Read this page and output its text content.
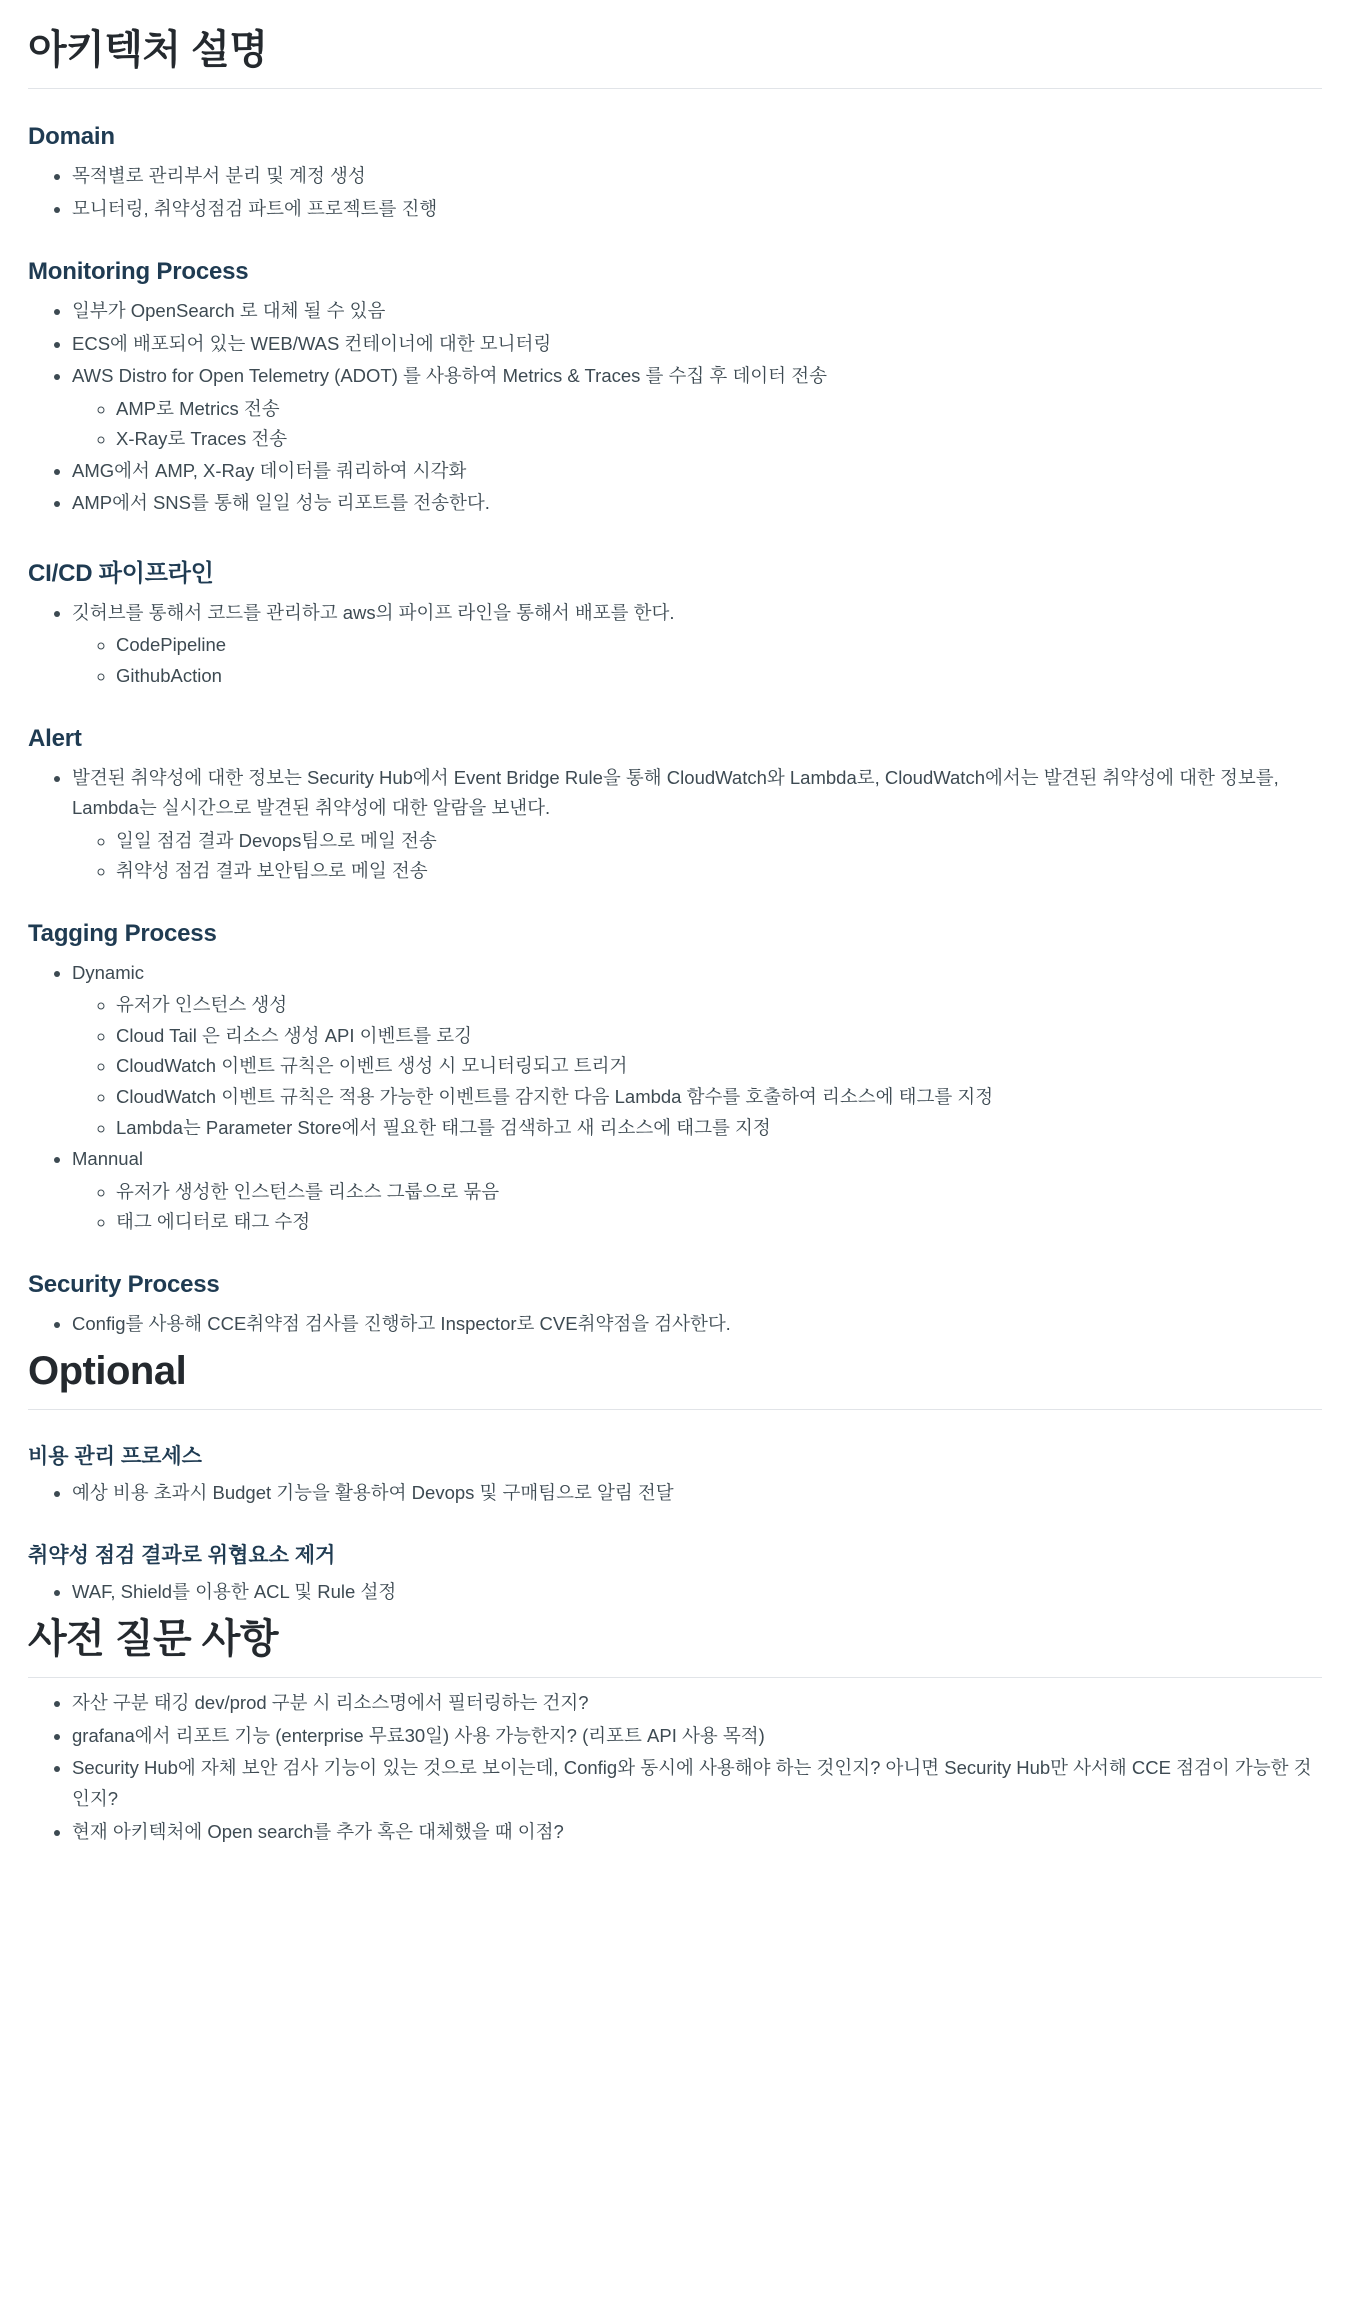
아키텍처 설명
Domain
• 목적별로 관리부서 분리 및 계정 생성
• 모니터링, 취약성점검 파트에 프로젝트를 진행
Monitoring Process
• 일부가 OpenSearch 로 대체 될 수 있음
• ECS에 배포되어 있는 WEB/WAS 컨테이너에 대한 모니터링
• AWS Distro for Open Telemetry (ADOT) 를 사용하여 Metrics & Traces 를 수집 후 데이터 전송
◦ AMP로 Metrics 전송
◦ X-Ray로 Traces 전송
• AMG에서 AMP, X-Ray 데이터를 쿼리하여 시각화
• AMP에서 SNS를 통해 일일 성능 리포트를 전송한다.
CI/CD 파이프라인
• 깃허브를 통해서 코드를 관리하고 aws의 파이프 라인을 통해서 배포를 한다.
◦ CodePipeline
◦ GithubAction
Alert
• 발견된 취약성에 대한 정보는 Security Hub에서 Event Bridge Rule을 통해 CloudWatch와 Lambda로, CloudWatch에서는 발견된 취약성에 대한 정보를, Lambda는 실시간으로 발견된 취약성에 대한 알람을 보낸다.
◦ 일일 점검 결과 Devops팀으로 메일 전송
◦ 취약성 점검 결과 보안팀으로 메일 전송
Tagging Process
• Dynamic
◦ 유저가 인스턴스 생성
◦ Cloud Tail 은 리소스 생성 API 이벤트를 로깅
◦ CloudWatch 이벤트 규칙은 이벤트 생성 시 모니터링되고 트리거
◦ CloudWatch 이벤트 규칙은 적용 가능한 이벤트를 감지한 다음 Lambda 함수를 호출하여 리소스에 태그를 지정
◦ Lambda는 Parameter Store에서 필요한 태그를 검색하고 새 리소스에 태그를 지정
• Mannual
◦ 유저가 생성한 인스턴스를 리소스 그룹으로 묶음
◦ 태그 에디터로 태그 수정
Security Process
• Config를 사용해 CCE취약점 검사를 진행하고 Inspector로 CVE취약점을 검사한다.
Optional
비용 관리 프로세스
• 예상 비용 초과시 Budget 기능을 활용하여 Devops 및 구매팀으로 알림 전달
취약성 점검 결과로 위협요소 제거
• WAF, Shield를 이용한 ACL 및 Rule 설정
사전 질문 사항
• 자산 구분 태깅 dev/prod 구분 시 리소스명에서 필터링하는 건지?
• grafana에서 리포트 기능 (enterprise 무료30일) 사용 가능한지? (리포트 API 사용 목적)
• Security Hub에 자체 보안 검사 기능이 있는 것으로 보이는데, Config와 동시에 사용해야 하는 것인지? 아니면 Security Hub만 사서해 CCE 점검이 가능한 것인지?
• 현재 아키텍처에 Open search를 추가 혹은 대체했을 때 이점?
